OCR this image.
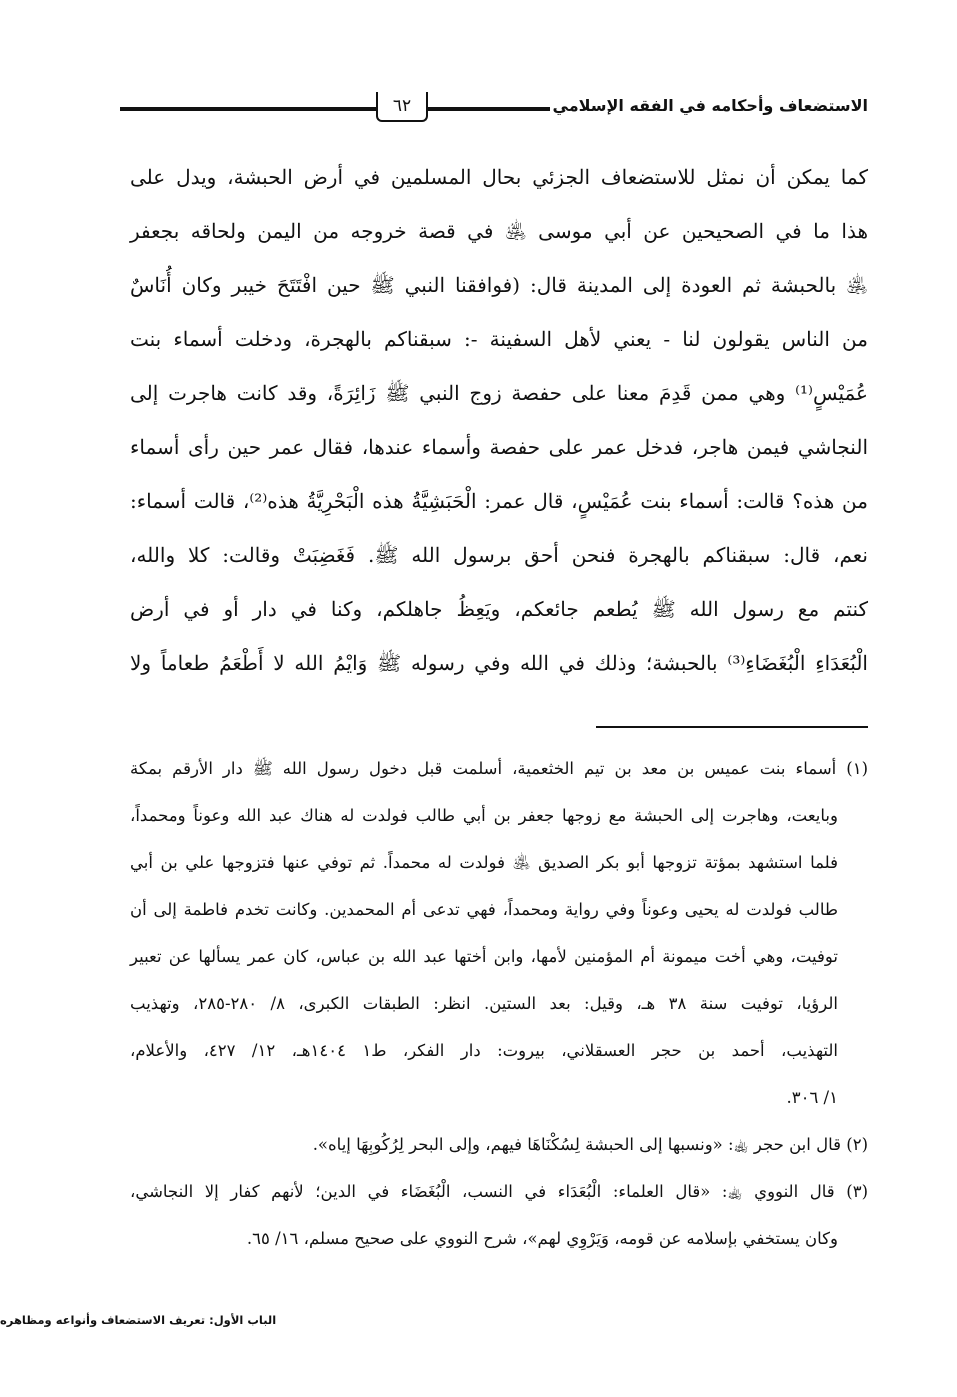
الاستضعاف وأحكامه في الفقه الإسلامي
٦٢
كما يمكن أن نمثل للاستضعاف الجزئي بحال المسلمين في أرض الحبشة، ويدل على
هذا ما في الصحيحين عن أبي موسى ﵁ في قصة خروجه من اليمن ولحاقه بجعفر
﵁ بالحبشة ثم العودة إلى المدينة قال: (فوافقنا النبي ﷺ حين افْتَتَحَ خيبر وكان أُنَاسٌ
من الناس يقولون لنا - يعني لأهل السفينة -: سبقناكم بالهجرة، ودخلت أسماء بنت
عُمَيْسٍ⁽¹⁾ وهي ممن قَدِمَ معنا على حفصة زوج النبي ﷺ زَائِرَةً، وقد كانت هاجرت إلى
النجاشي فيمن هاجر، فدخل عمر على حفصة وأسماء عندها، فقال عمر حين رأى أسماء
من هذه؟ قالت: أسماء بنت عُمَيْسٍ، قال عمر: الْحَبَشِيَّةُ هذه الْبَحْرِيَّةُ هذه⁽²⁾، قالت أسماء:
نعم، قال: سبقناكم بالهجرة فنحن أحق برسول الله ﷺ. فَغَضِبَتْ وقالت: كلا والله،
كنتم مع رسول الله ﷺ يُطعم جائعكم، ويَعِظُ جاهلكم، وكنا في دار أو في أرض
الْبُعَدَاءِ الْبُغَضَاءِ⁽³⁾ بالحبشة؛ وذلك في الله وفي رسوله ﷺ وَايْمُ الله لا أَطْعَمُ طعاماً ولا
(١) أسماء بنت عميس بن معد بن تيم الخثعمية، أسلمت قبل دخول رسول الله ﷺ دار الأرقم بمكة
وبايعت، وهاجرت إلى الحبشة مع زوجها جعفر بن أبي طالب فولدت له هناك عبد الله وعوناً ومحمداً،
فلما استشهد بمؤتة تزوجها أبو بكر الصديق ﵁ فولدت له محمداً. ثم توفي عنها فتزوجها علي بن أبي
طالب فولدت له يحيى وعوناً وفي رواية ومحمداً، فهي تدعى أم المحمدين. وكانت تخدم فاطمة إلى أن
توفيت، وهي أخت ميمونة أم المؤمنين لأمها، وابن أختها عبد الله بن عباس، كان عمر يسألها عن تعبير
الرؤيا، توفيت سنة ٣٨ هـ، وقيل: بعد الستين. انظر: الطبقات الكبرى، ٨/ ٢٨٠-٢٨٥، وتهذيب
التهذيب، أحمد بن حجر العسقلاني، بيروت: دار الفكر، ط١ ١٤٠٤هـ، ١٢/ ٤٢٧، والأعلام،
١/ ٣٠٦.
(٢) قال ابن حجر ﵀: «ونسبها إلى الحبشة لِسُكْنَاهَا فيهم، وإلى البحر لِرُكُوبِهَا إياه».
(٣) قال النووي ﵀: «قال العلماء: الْبُعَدَاء في النسب، الْبُغَضَاء في الدين؛ لأنهم كفار إلا النجاشي،
وكان يستخفي بإسلامه عن قومه، وَيَرْوِي لهم»، شرح النووي على صحيح مسلم، ١٦/ ٦٥.
الباب الأول: تعريف الاستضعاف وأنواعه ومظاهره
